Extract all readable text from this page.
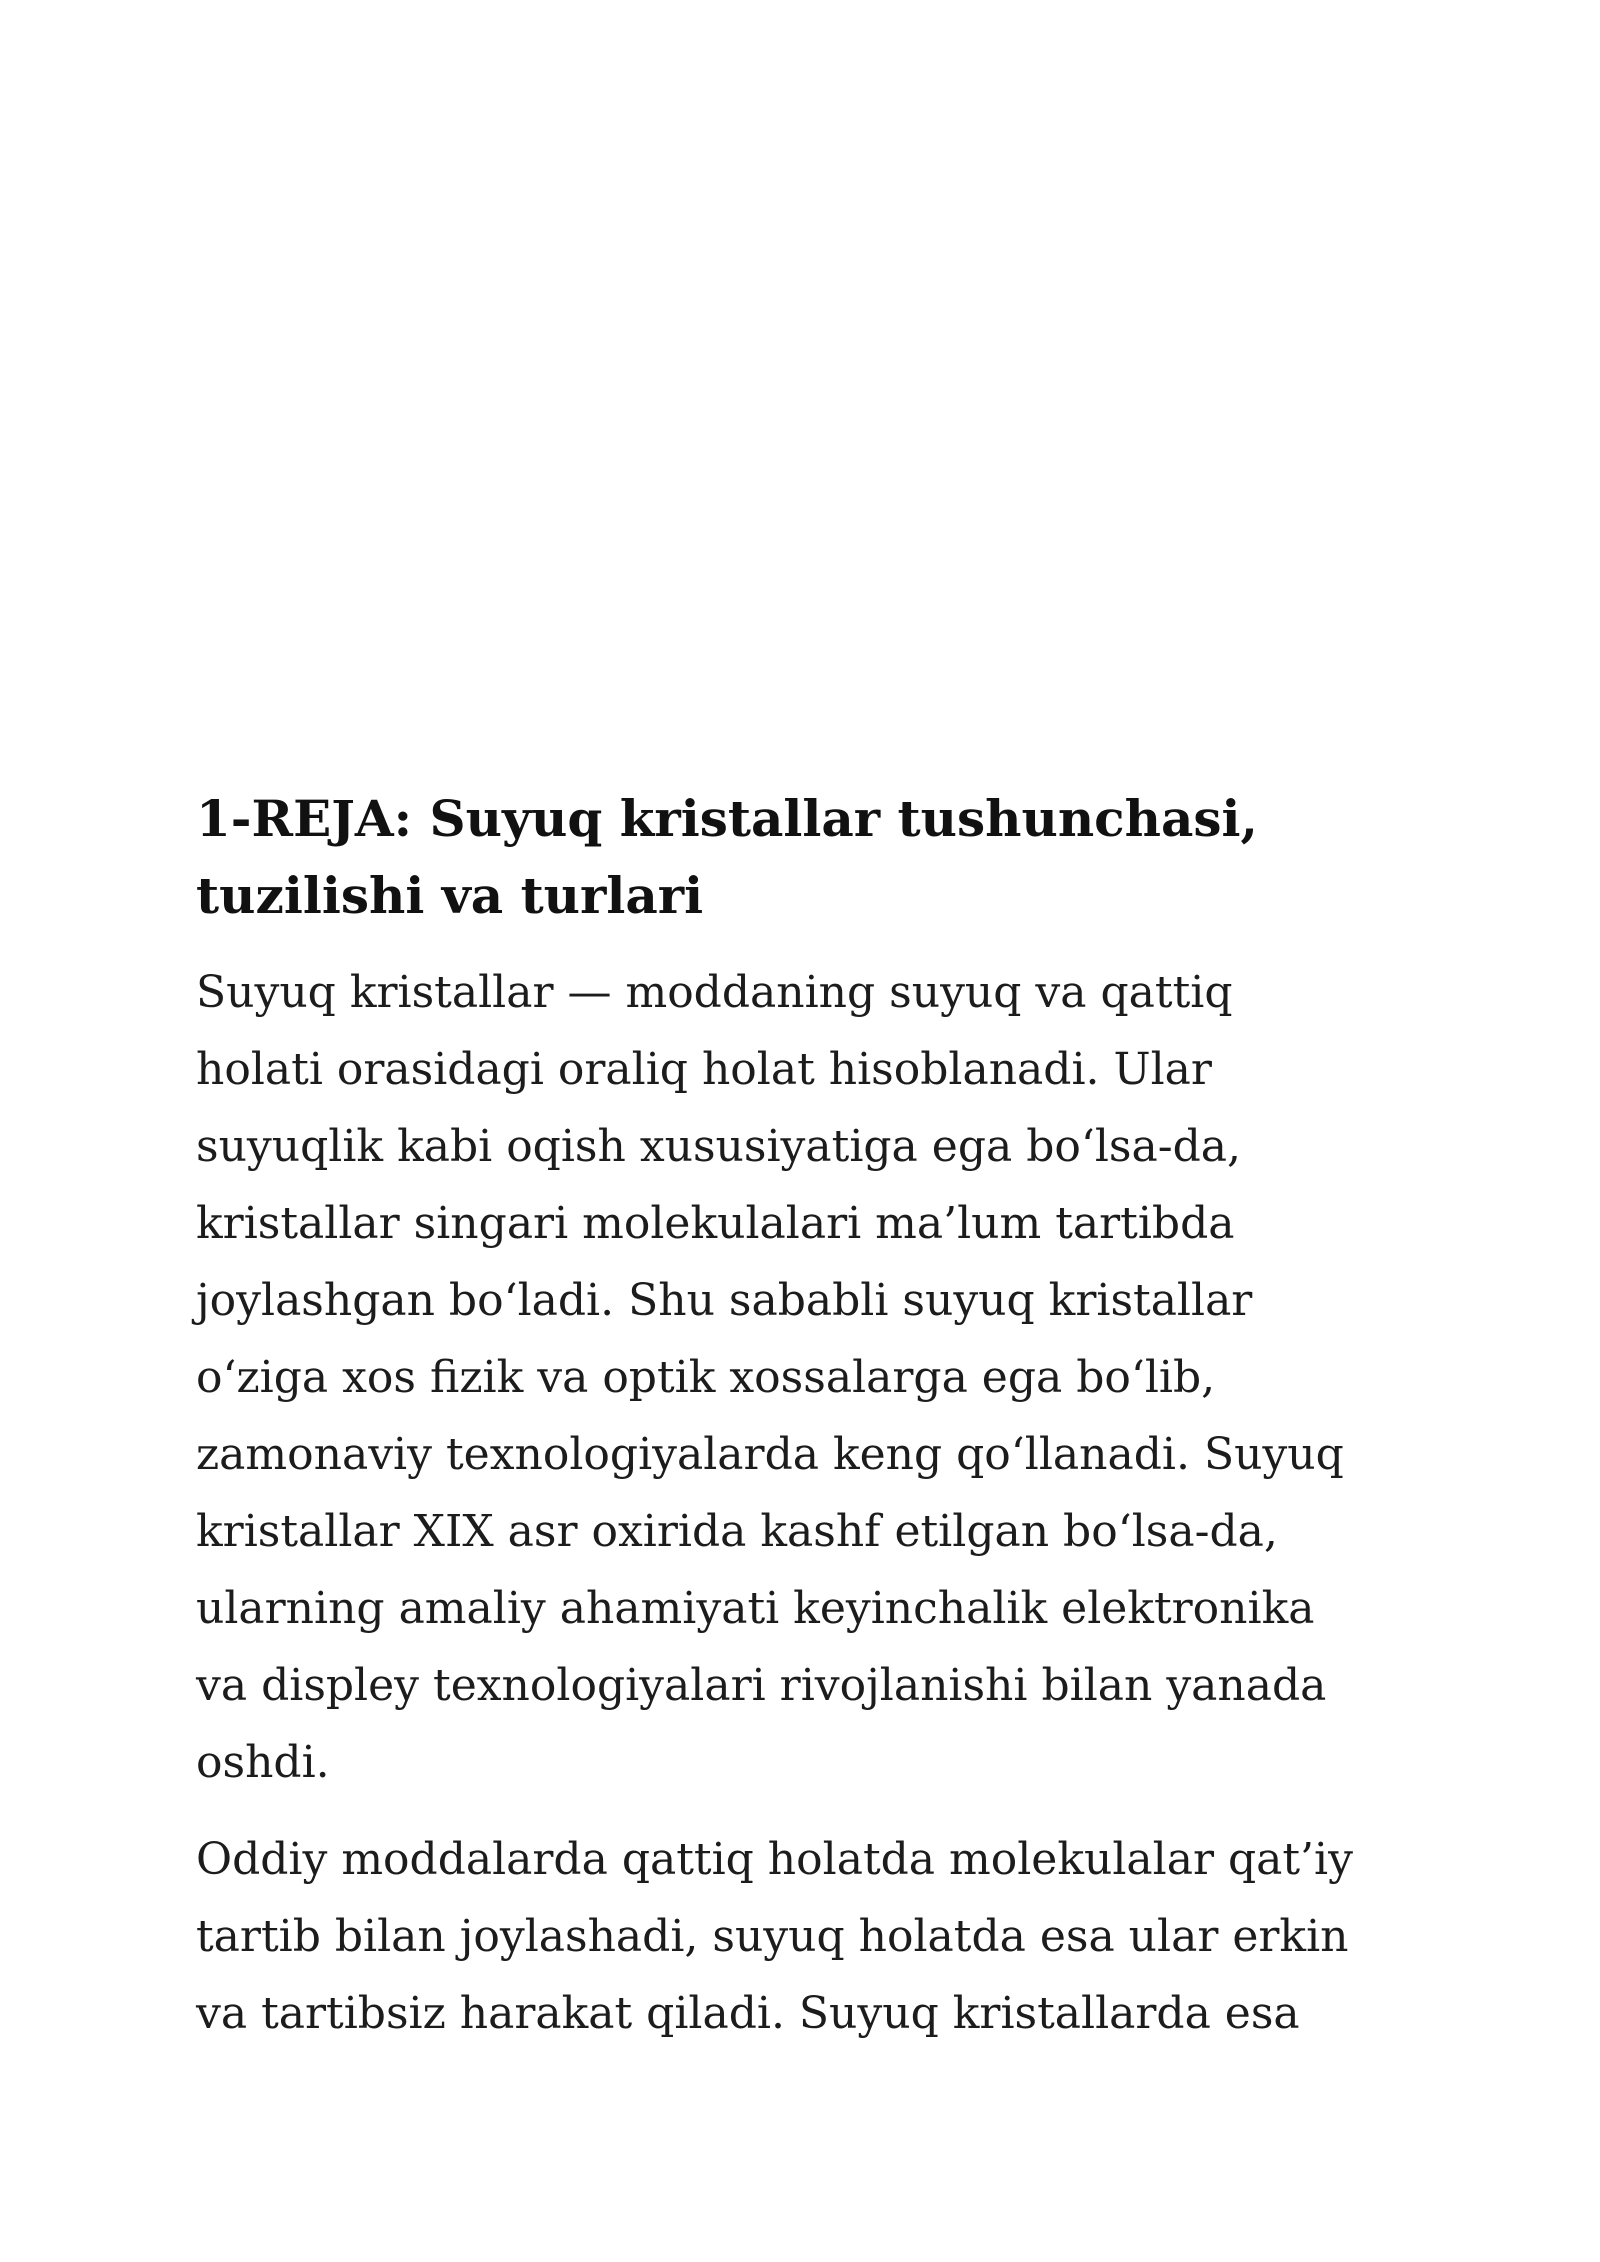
1-REJA: Suyuq kristallar tushunchasi,
tuzilishi va turlari

Suyuq kristallar — moddaning suyuq va qattiq
holati orasidagi oraliq holat hisoblanadi. Ular
suyuqlik kabi oqish xususiyatiga ega bo‘lsa-da,
kristallar singari molekulalari ma’lum tartibda
joylashgan bo‘ladi. Shu sababli suyuq kristallar
o‘ziga xos fizik va optik xossalarga ega bo‘lib,
zamonaviy texnologiyalarda keng qo‘llanadi. Suyuq
kristallar XIX asr oxirida kashf etilgan bo‘lsa-da,
ularning amaliy ahamiyati keyinchalik elektronika
va displey texnologiyalari rivojlanishi bilan yanada
oshdi.

Oddiy moddalarda qattiq holatda molekulalar qat’iy
tartib bilan joylashadi, suyuq holatda esa ular erkin
va tartibsiz harakat qiladi. Suyuq kristallarda esa
